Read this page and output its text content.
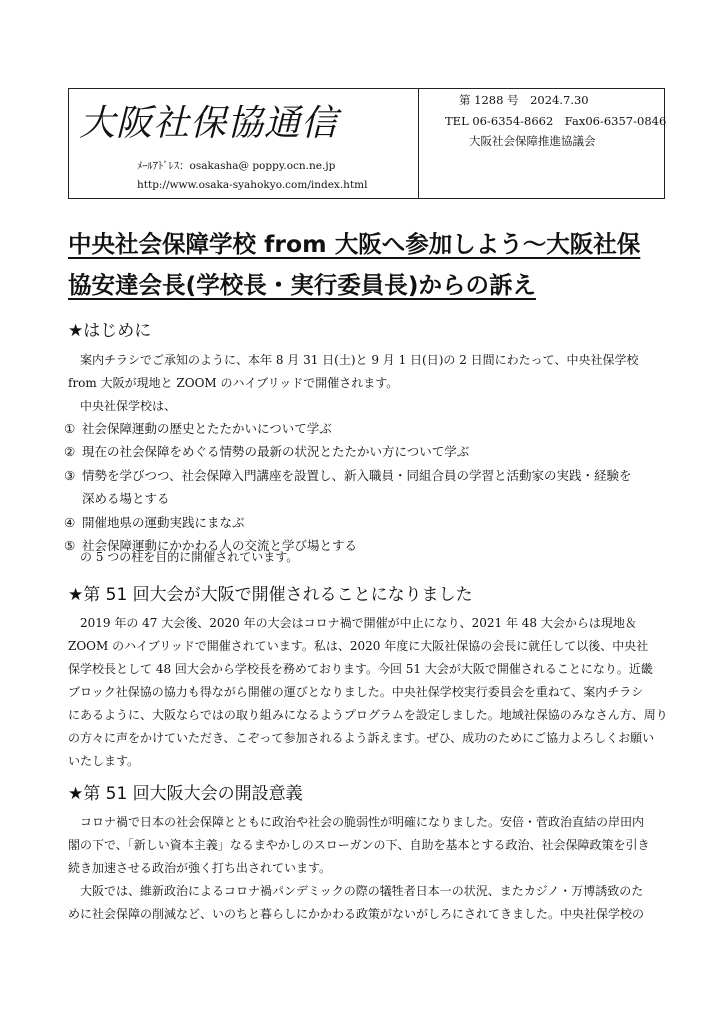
大阪社保協通信
ﾒｰﾙｱﾄﾞﾚｽ：osakasha@ poppy.ocn.ne.jp
http://www.osaka-syahokyo.com/index.html
第 1288 号　2024.7.30
TEL 06-6354-8662　Fax06-6357-0846
大阪社会保障推進協議会
中央社会保障学校 from 大阪へ参加しよう～大阪社保
協安達会長(学校長・実行委員長)からの訴え
★はじめに
案内チラシでご承知のように、本年 8 月 31 日(土)と 9 月 1 日(日)の 2 日間にわたって、中央社保学校
from 大阪が現地と ZOOM のハイブリッドで開催されます。
中央社保学校は、
① 社会保障運動の歴史とたたかいについて学ぶ
② 現在の社会保障をめぐる情勢の最新の状況とたたかい方について学ぶ
③ 情勢を学びつつ、社会保障入門講座を設置し、新入職員・同組合員の学習と活動家の実践・経験を
深める場とする
④ 開催地県の運動実践にまなぶ
⑤ 社会保障運動にかかわる人の交流と学び場とする
の 5 つの柱を目的に開催されています。
★第 51 回大会が大阪で開催されることになりました
2019 年の 47 大会後、2020 年の大会はコロナ禍で開催が中止になり、2021 年 48 大会からは現地＆
ZOOM のハイブリッドで開催されています。私は、2020 年度に大阪社保協の会長に就任して以後、中央社
保学校長として 48 回大会から学校長を務めております。今回 51 大会が大阪で開催されることになり。近畿
ブロック社保協の協力も得ながら開催の運びとなりました。中央社保学校実行委員会を重ねて、案内チラシ
にあるように、大阪ならではの取り組みになるようプログラムを設定しました。地域社保協のみなさん方、周り
の方々に声をかけていただき、こぞって参加されるよう訴えます。ぜひ、成功のためにご協力よろしくお願い
いたします。
★第 51 回大阪大会の開設意義
コロナ禍で日本の社会保障とともに政治や社会の脆弱性が明確になりました。安倍・菅政治直結の岸田内
閣の下で、「新しい資本主義」なるまやかしのスローガンの下、自助を基本とする政治、社会保障政策を引き
続き加速させる政治が強く打ち出されています。
大阪では、維新政治によるコロナ禍パンデミックの際の犠牲者日本一の状況、またカジノ・万博誘致のた
めに社会保障の削減など、いのちと暮らしにかかわる政策がないがしろにされてきました。中央社保学校の
